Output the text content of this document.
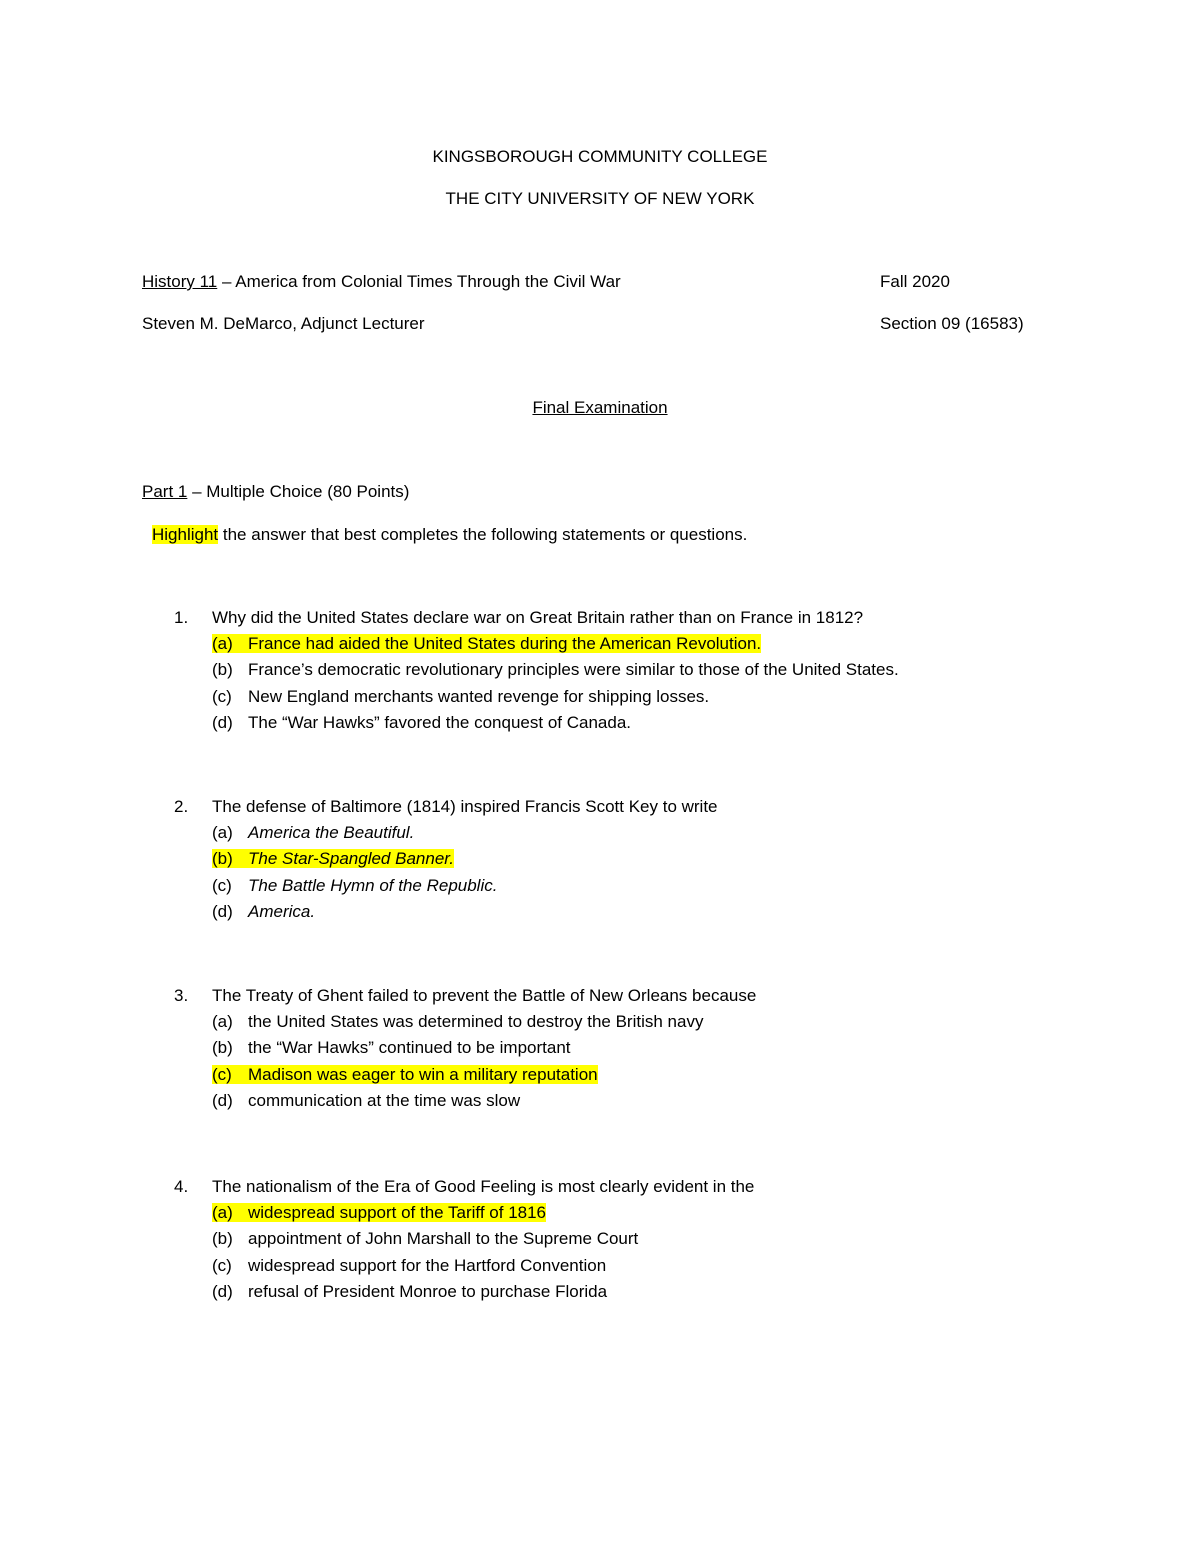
KINGSBOROUGH COMMUNITY COLLEGE
THE CITY UNIVERSITY OF NEW YORK
History 11 – America from Colonial Times Through the Civil War	Fall 2020
Steven M. DeMarco, Adjunct Lecturer	Section 09 (16583)
Final Examination
Part 1 – Multiple Choice (80 Points)
Highlight the answer that best completes the following statements or questions.
1. Why did the United States declare war on Great Britain rather than on France in 1812?
(a) France had aided the United States during the American Revolution.
(b) France’s democratic revolutionary principles were similar to those of the United States.
(c) New England merchants wanted revenge for shipping losses.
(d) The “War Hawks” favored the conquest of Canada.
2. The defense of Baltimore (1814) inspired Francis Scott Key to write
(a) America the Beautiful.
(b) The Star-Spangled Banner.
(c) The Battle Hymn of the Republic.
(d) America.
3. The Treaty of Ghent failed to prevent the Battle of New Orleans because
(a) the United States was determined to destroy the British navy
(b) the “War Hawks” continued to be important
(c) Madison was eager to win a military reputation
(d) communication at the time was slow
4. The nationalism of the Era of Good Feeling is most clearly evident in the
(a) widespread support of the Tariff of 1816
(b) appointment of John Marshall to the Supreme Court
(c) widespread support for the Hartford Convention
(d) refusal of President Monroe to purchase Florida
